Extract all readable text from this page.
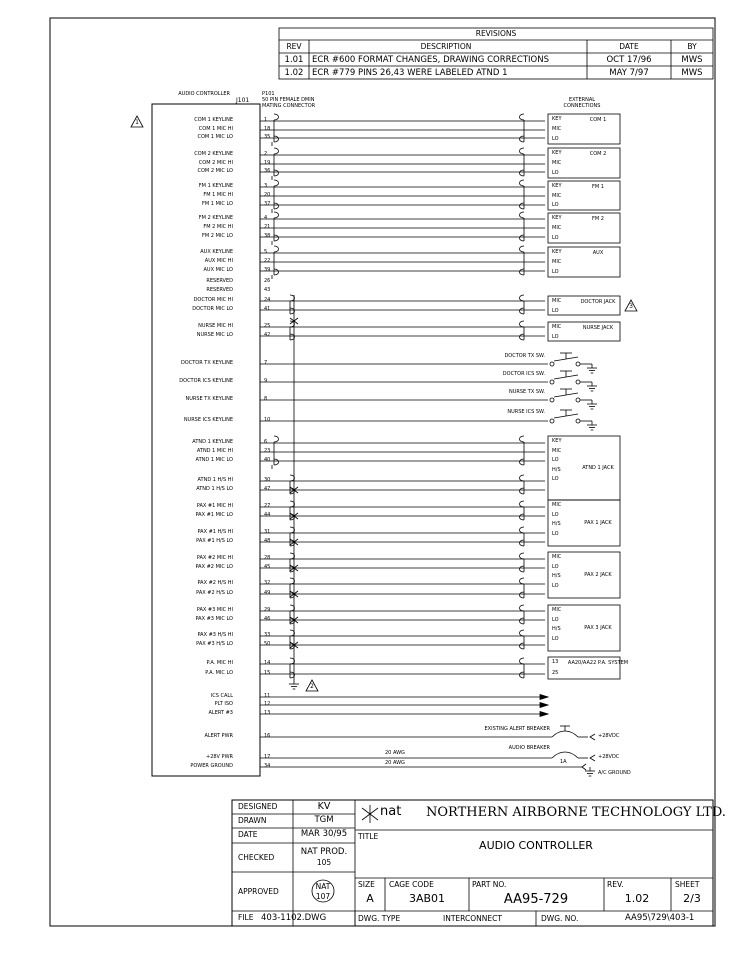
REVISIONS
REV	DESCRIPTION	DATE	BY
1.01 ECR #600 FORMAT CHANGES, DRAWING CORRECTIONS	OCT 17/96	MWS
1.02 ECR #779 PINS 26,43 WERE LABELED ATND 1	MAY 7/97	MWS
AUDIO CONTROLLER
J101
P101
50 PIN FEMALE DMIN
MATING CONNECTOR
EXTERNAL
CONNECTIONS
1	COM 1 KEYLINE	1
COM 1 MIC HI	18
COM 1 MIC LO	35
COM 2 KEYLINE	2
COM 2 MIC HI	19
COM 2 MIC LO	36
FM 1 KEYLINE	3
FM 1 MIC HI	20
FM 1 MIC LO	37
FM 2 KEYLINE	4
FM 2 MIC HI	21
FM 2 MIC LO	38
AUX KEYLINE	5
AUX MIC HI	22
AUX MIC LO	39
RESERVED	26
RESERVED	43
DOCTOR MIC HI	24
DOCTOR MIC LO	41
NURSE MIC HI	25
NURSE MIC LO	42
DOCTOR TX KEYLINE	7
DOCTOR ICS KEYLINE	9
NURSE TX KEYLINE	8
NURSE ICS KEYLINE	10
ATND 1 KEYLINE	6
ATND 1 MIC HI	23
ATND 1 MIC LO	40
ATND 1 H/S HI	30
ATND 1 H/S LO	47
PAX #1 MIC HI	27
PAX #1 MIC LO	44
PAX #1 H/S HI	31
PAX #1 H/S LO	48
PAX #2 MIC HI	28
PAX #2 MIC LO	45
PAX #2 H/S HI	32
PAX #2 H/S LO	49
PAX #3 MIC HI	29
PAX #3 MIC LO	46
PAX #3 H/S HI	33
PAX #3 H/S LO	50
P.A. MIC HI	14
P.A. MIC LO	15
ICS CALL	11
PLT ISO	12
ALERT #3	13
ALERT PWR	16
+28V PWR	17
POWER GROUND	34
2
KEY
MIC
LO
COM 1
KEY
MIC
LO
COM 2
KEY
MIC
LO
FM 1
KEY
MIC
LO
FM 2
KEY
MIC
LO
AUX
MIC
LO
DOCTOR JACK
MIC
LO
NURSE JACK
KEY
MIC
LO
H/S
LO
ATND 1 JACK
MIC
LO
H/S
LO
PAX 1 JACK
MIC
LO
H/S
LO
PAX 2 JACK
MIC
LO
H/S
LO
PAX 3 JACK
13
25
AA20/AA22 P.A. SYSTEM
3
DOCTOR TX SW.
DOCTOR ICS SW.
NURSE TX SW.
NURSE ICS SW.
EXISTING ALERT BREAKER
+28VDC
AUDIO BREAKER
1A
+28VDC
A/C GROUND
20 AWG
20 AWG
DESIGNED	KV
DRAWN	TGM
DATE	MAR 30/95
CHECKED
NAT PROD.
105
APPROVED
NAT
107
FILE 403-1102.DWG
nat NORTHERN AIRBORNE TECHNOLOGY LTD.
TITLE
AUDIO CONTROLLER
SIZE
A
CAGE CODE
3AB01
PART NO.
AA95-729
REV.
1.02
SHEET
2/3
DWG. TYPE	INTERCONNECT	DWG. NO.	AA95\729\403-1
